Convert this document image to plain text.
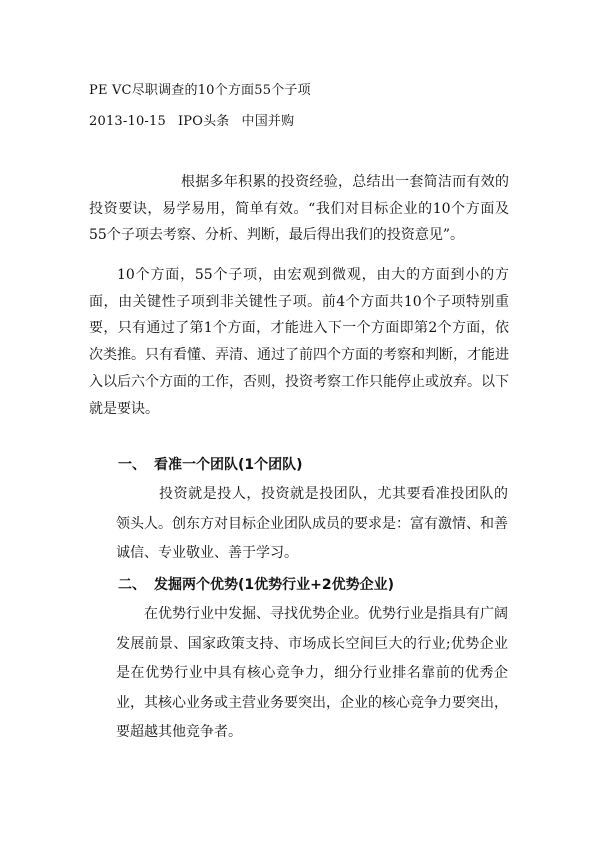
PE VC尽职调查的10个方面55个子项
2013-10-15 IPO头条 中国并购

根据多年积累的投资经验，总结出一套简洁而有效的投资要诀，易学易用，简单有效。“我们对目标企业的10个方面及55个子项去考察、分析、判断，最后得出我们的投资意见”。

10个方面，55个子项，由宏观到微观，由大的方面到小的方面，由关键性子项到非关键性子项。前4个方面共10个子项特别重要，只有通过了第1个方面，才能进入下一个方面即第2个方面，依次类推。只有看懂、弄清、通过了前四个方面的考察和判断，才能进入以后六个方面的工作，否则，投资考察工作只能停止或放弃。以下就是要诀。

一、 看准一个团队(1个团队)

投资就是投人，投资就是投团队，尤其要看准投团队的领头人。创东方对目标企业团队成员的要求是：富有激情、和善诚信、专业敬业、善于学习。

二、 发掘两个优势(1优势行业+2优势企业)

在优势行业中发掘、寻找优势企业。优势行业是指具有广阔发展前景、国家政策支持、市场成长空间巨大的行业;优势企业是在优势行业中具有核心竞争力，细分行业排名靠前的优秀企业，其核心业务或主营业务要突出，企业的核心竞争力要突出，要超越其他竞争者。
